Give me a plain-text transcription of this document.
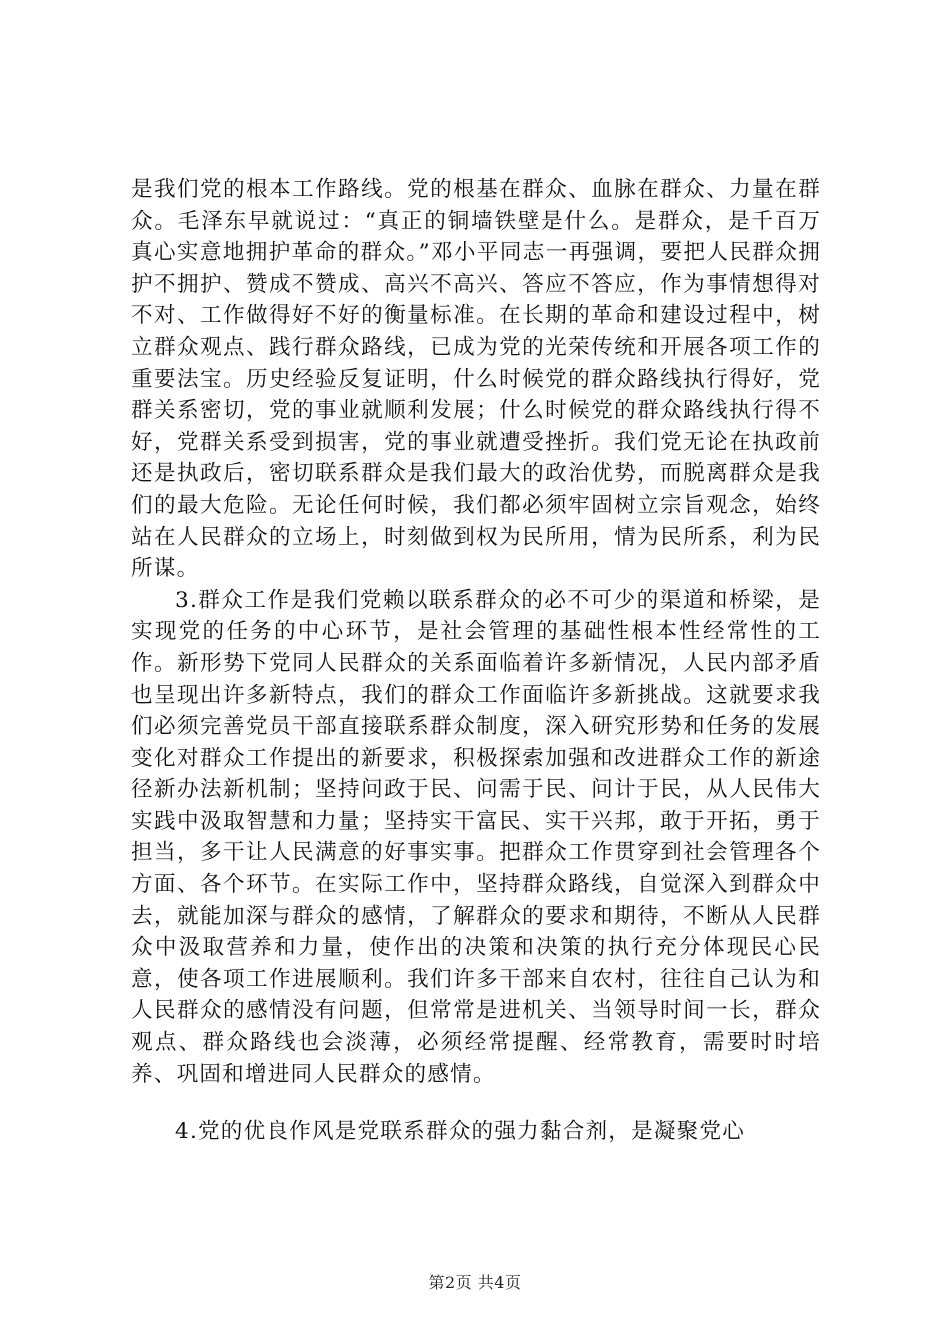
是我们党的根本工作路线。党的根基在群众、血脉在群众、力量在群众。毛泽东早就说过：“真正的铜墙铁壁是什么。是群众，是千百万真心实意地拥护革命的群众。”邓小平同志一再强调，要把人民群众拥护不拥护、赞成不赞成、高兴不高兴、答应不答应，作为事情想得对不对、工作做得好不好的衡量标准。在长期的革命和建设过程中，树立群众观点、践行群众路线，已成为党的光荣传统和开展各项工作的重要法宝。历史经验反复证明，什么时候党的群众路线执行得好，党群关系密切，党的事业就顺利发展；什么时候党的群众路线执行得不好，党群关系受到损害，党的事业就遭受挫折。我们党无论在执政前还是执政后，密切联系群众是我们最大的政治优势，而脱离群众是我们的最大危险。无论任何时候，我们都必须牢固树立宗旨观念，始终站在人民群众的立场上，时刻做到权为民所用，情为民所系，利为民所谋。

3.群众工作是我们党赖以联系群众的必不可少的渠道和桥梁，是实现党的任务的中心环节，是社会管理的基础性根本性经常性的工作。新形势下党同人民群众的关系面临着许多新情况，人民内部矛盾也呈现出许多新特点，我们的群众工作面临许多新挑战。这就要求我们必须完善党员干部直接联系群众制度，深入研究形势和任务的发展变化对群众工作提出的新要求，积极探索加强和改进群众工作的新途径新办法新机制；坚持问政于民、问需于民、问计于民，从人民伟大实践中汲取智慧和力量；坚持实干富民、实干兴邦，敢于开拓，勇于担当，多干让人民满意的好事实事。把群众工作贯穿到社会管理各个方面、各个环节。在实际工作中，坚持群众路线，自觉深入到群众中去，就能加深与群众的感情，了解群众的要求和期待，不断从人民群众中汲取营养和力量，使作出的决策和决策的执行充分体现民心民意，使各项工作进展顺利。我们许多干部来自农村，往往自己认为和人民群众的感情没有问题，但常常是进机关、当领导时间一长，群众观点、群众路线也会淡薄，必须经常提醒、经常教育，需要时时培养、巩固和增进同人民群众的感情。

4.党的优良作风是党联系群众的强力黏合剂，是凝聚党心

第2页 共4页
